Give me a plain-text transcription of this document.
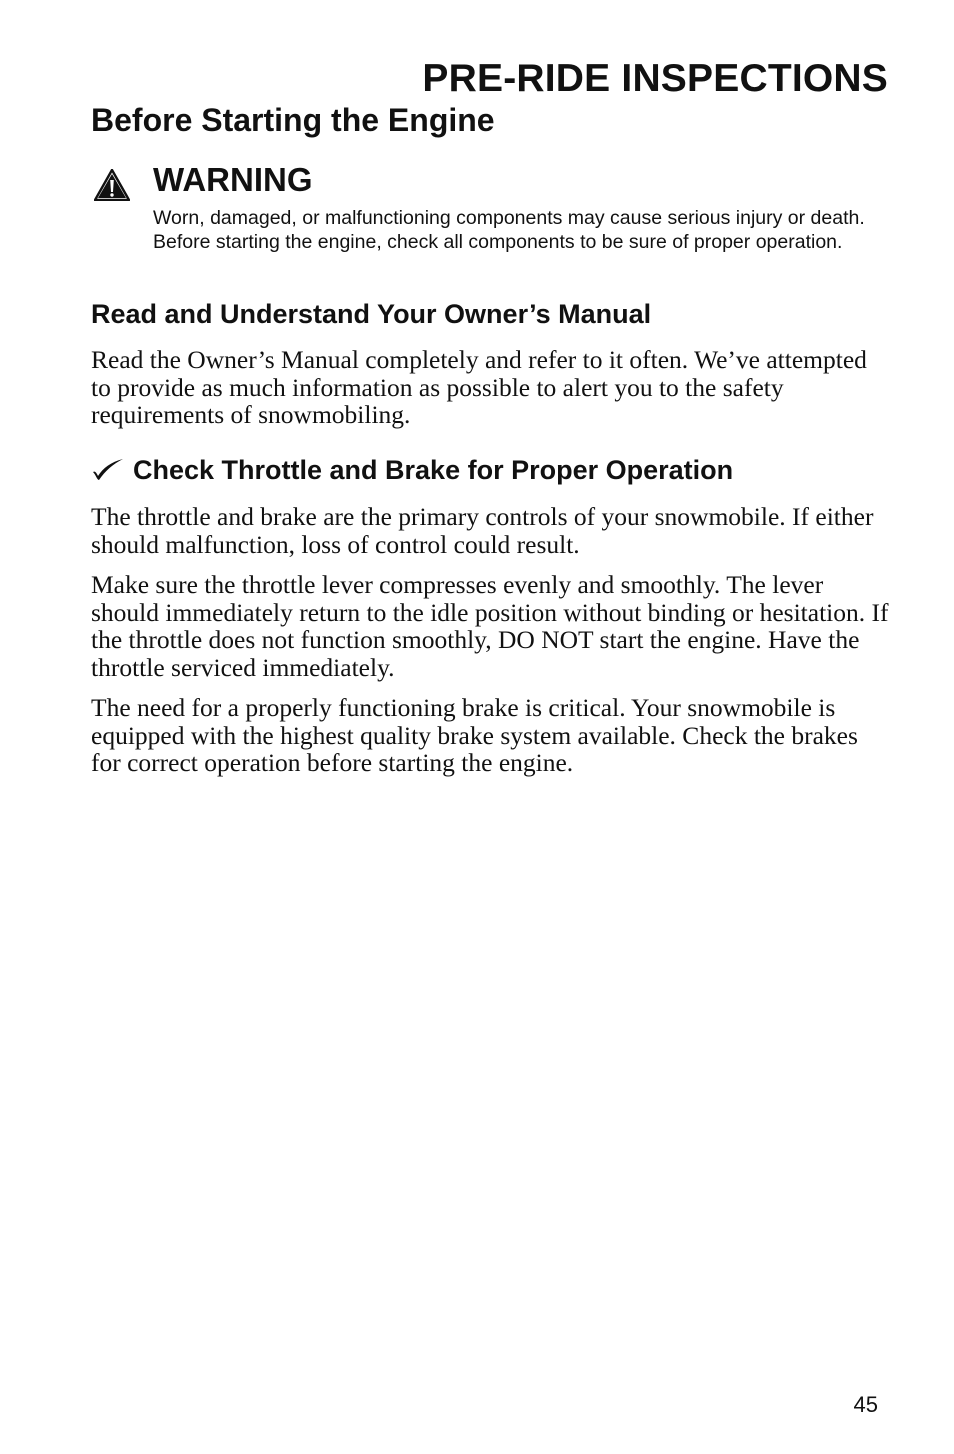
PRE-RIDE INSPECTIONS
Before Starting the Engine
WARNING

Worn, damaged, or malfunctioning components may cause serious injury or death. Before starting the engine, check all components to be sure of proper operation.

Read and Understand Your Owner’s Manual

Read the Owner’s Manual completely and refer to it often. We’ve attempted to provide as much information as possible to alert you to the safety requirements of snowmobiling.

Check Throttle and Brake for Proper Operation

The throttle and brake are the primary controls of your snowmobile. If either should malfunction, loss of control could result.

Make sure the throttle lever compresses evenly and smoothly. The lever should immediately return to the idle position without binding or hesitation. If the throttle does not function smoothly, DO NOT start the engine. Have the throttle serviced immediately.

The need for a properly functioning brake is critical. Your snowmobile is equipped with the highest quality brake system available. Check the brakes for correct operation before starting the engine.

45
